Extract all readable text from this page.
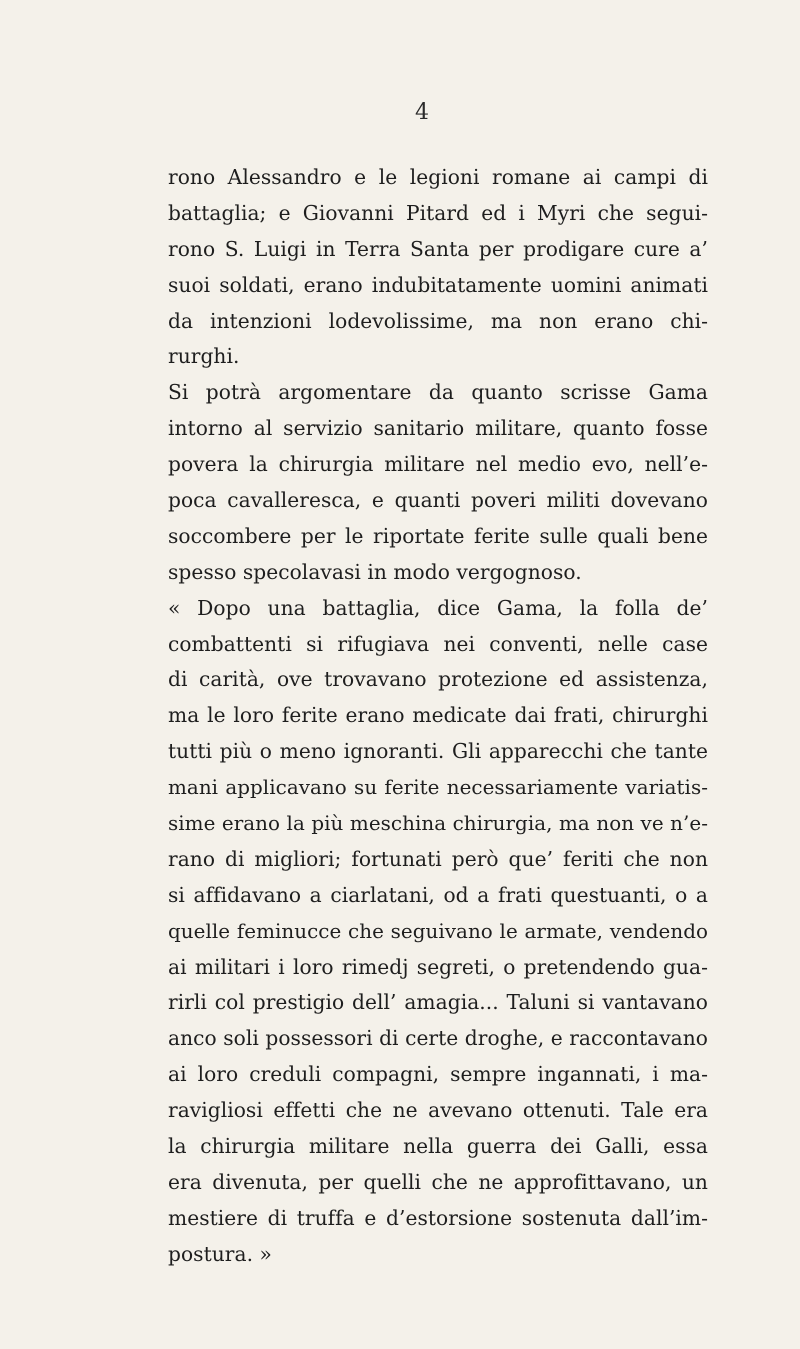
4
rono Alessandro e le legioni romane ai campi di
battaglia; e Giovanni Pitard ed i Myri che segui-
rono S. Luigi in Terra Santa per prodigare cure a’
suoi soldati, erano indubitatamente uomini animati
da intenzioni lodevolissime, ma non erano chi-
rurghi.
Si potrà argomentare da quanto scrisse Gama
intorno al servizio sanitario militare, quanto fosse
povera la chirurgia militare nel medio evo, nell’e-
poca cavalleresca, e quanti poveri militi dovevano
soccombere per le riportate ferite sulle quali bene
spesso specolavasi in modo vergognoso.
« Dopo una battaglia, dice Gama, la folla de’
combattenti si rifugiava nei conventi, nelle case
di carità, ove trovavano protezione ed assistenza,
ma le loro ferite erano medicate dai frati, chirurghi
tutti più o meno ignoranti. Gli apparecchi che tante
mani applicavano su ferite necessariamente variatis-
sime erano la più meschina chirurgia, ma non ve n’e-
rano di migliori; fortunati però que’ feriti che non
si affidavano a ciarlatani, od a frati questuanti, o a
quelle feminucce che seguivano le armate, vendendo
ai militari i loro rimedj segreti, o pretendendo gua-
rirli col prestigio dell’ amagia... Taluni si vantavano
anco soli possessori di certe droghe, e raccontavano
ai loro creduli compagni, sempre ingannati, i ma-
ravigliosi effetti che ne avevano ottenuti. Tale era
la chirurgia militare nella guerra dei Galli, essa
era divenuta, per quelli che ne approfittavano, un
mestiere di truffa e d’estorsione sostenuta dall’im-
postura. »
